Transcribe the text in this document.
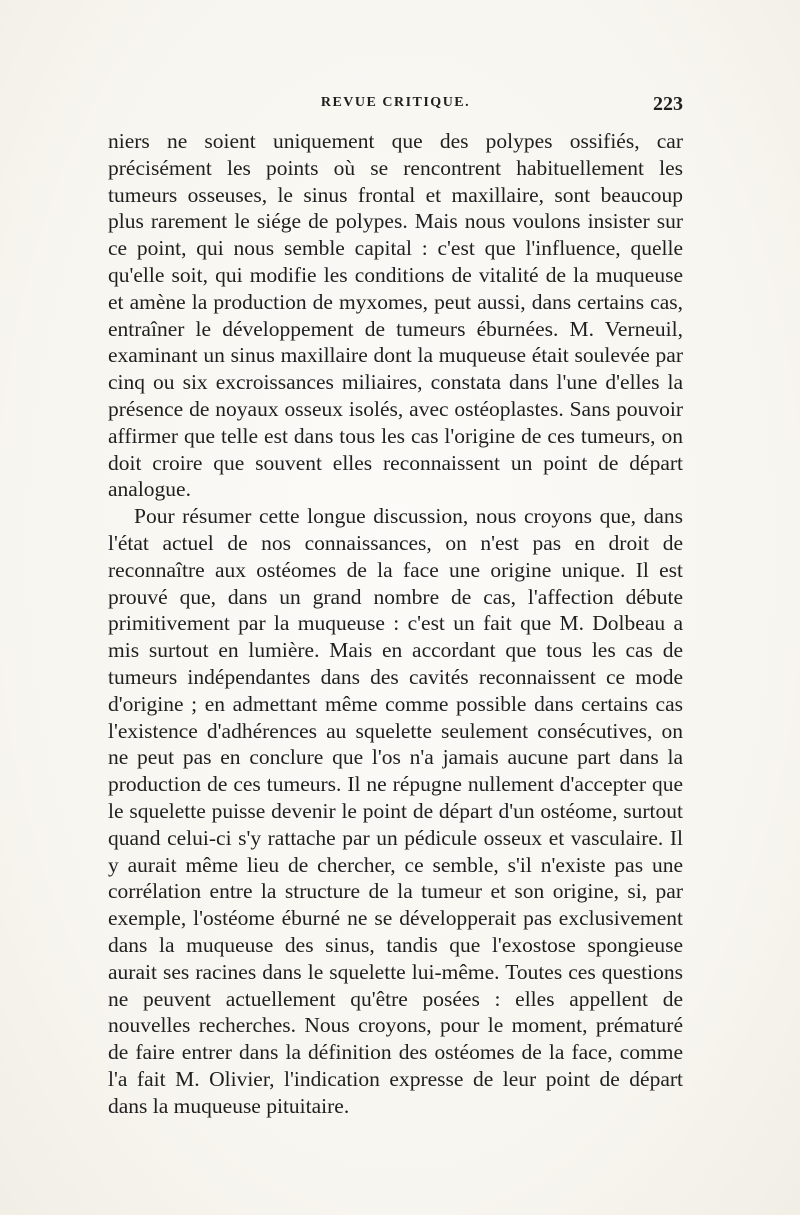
REVUE CRITIQUE.	223

niers ne soient uniquement que des polypes ossifiés, car précisément les points où se rencontrent habituellement les tumeurs osseuses, le sinus frontal et maxillaire, sont beaucoup plus rarement le siége de polypes. Mais nous voulons insister sur ce point, qui nous semble capital : c'est que l'influence, quelle qu'elle soit, qui modifie les conditions de vitalité de la muqueuse et amène la production de myxomes, peut aussi, dans certains cas, entraîner le développement de tumeurs éburnées. M. Verneuil, examinant un sinus maxillaire dont la muqueuse était soulevée par cinq ou six excroissances miliaires, constata dans l'une d'elles la présence de noyaux osseux isolés, avec ostéoplastes. Sans pouvoir affirmer que telle est dans tous les cas l'origine de ces tumeurs, on doit croire que souvent elles reconnaissent un point de départ analogue.

Pour résumer cette longue discussion, nous croyons que, dans l'état actuel de nos connaissances, on n'est pas en droit de reconnaître aux ostéomes de la face une origine unique. Il est prouvé que, dans un grand nombre de cas, l'affection débute primitivement par la muqueuse : c'est un fait que M. Dolbeau a mis surtout en lumière. Mais en accordant que tous les cas de tumeurs indépendantes dans des cavités reconnaissent ce mode d'origine ; en admettant même comme possible dans certains cas l'existence d'adhérences au squelette seulement consécutives, on ne peut pas en conclure que l'os n'a jamais aucune part dans la production de ces tumeurs. Il ne répugne nullement d'accepter que le squelette puisse devenir le point de départ d'un ostéome, surtout quand celui-ci s'y rattache par un pédicule osseux et vasculaire. Il y aurait même lieu de chercher, ce semble, s'il n'existe pas une corrélation entre la structure de la tumeur et son origine, si, par exemple, l'ostéome éburné ne se développerait pas exclusivement dans la muqueuse des sinus, tandis que l'exostose spongieuse aurait ses racines dans le squelette lui-même. Toutes ces questions ne peuvent actuellement qu'être posées : elles appellent de nouvelles recherches. Nous croyons, pour le moment, prématuré de faire entrer dans la définition des ostéomes de la face, comme l'a fait M. Olivier, l'indication expresse de leur point de départ dans la muqueuse pituitaire.
